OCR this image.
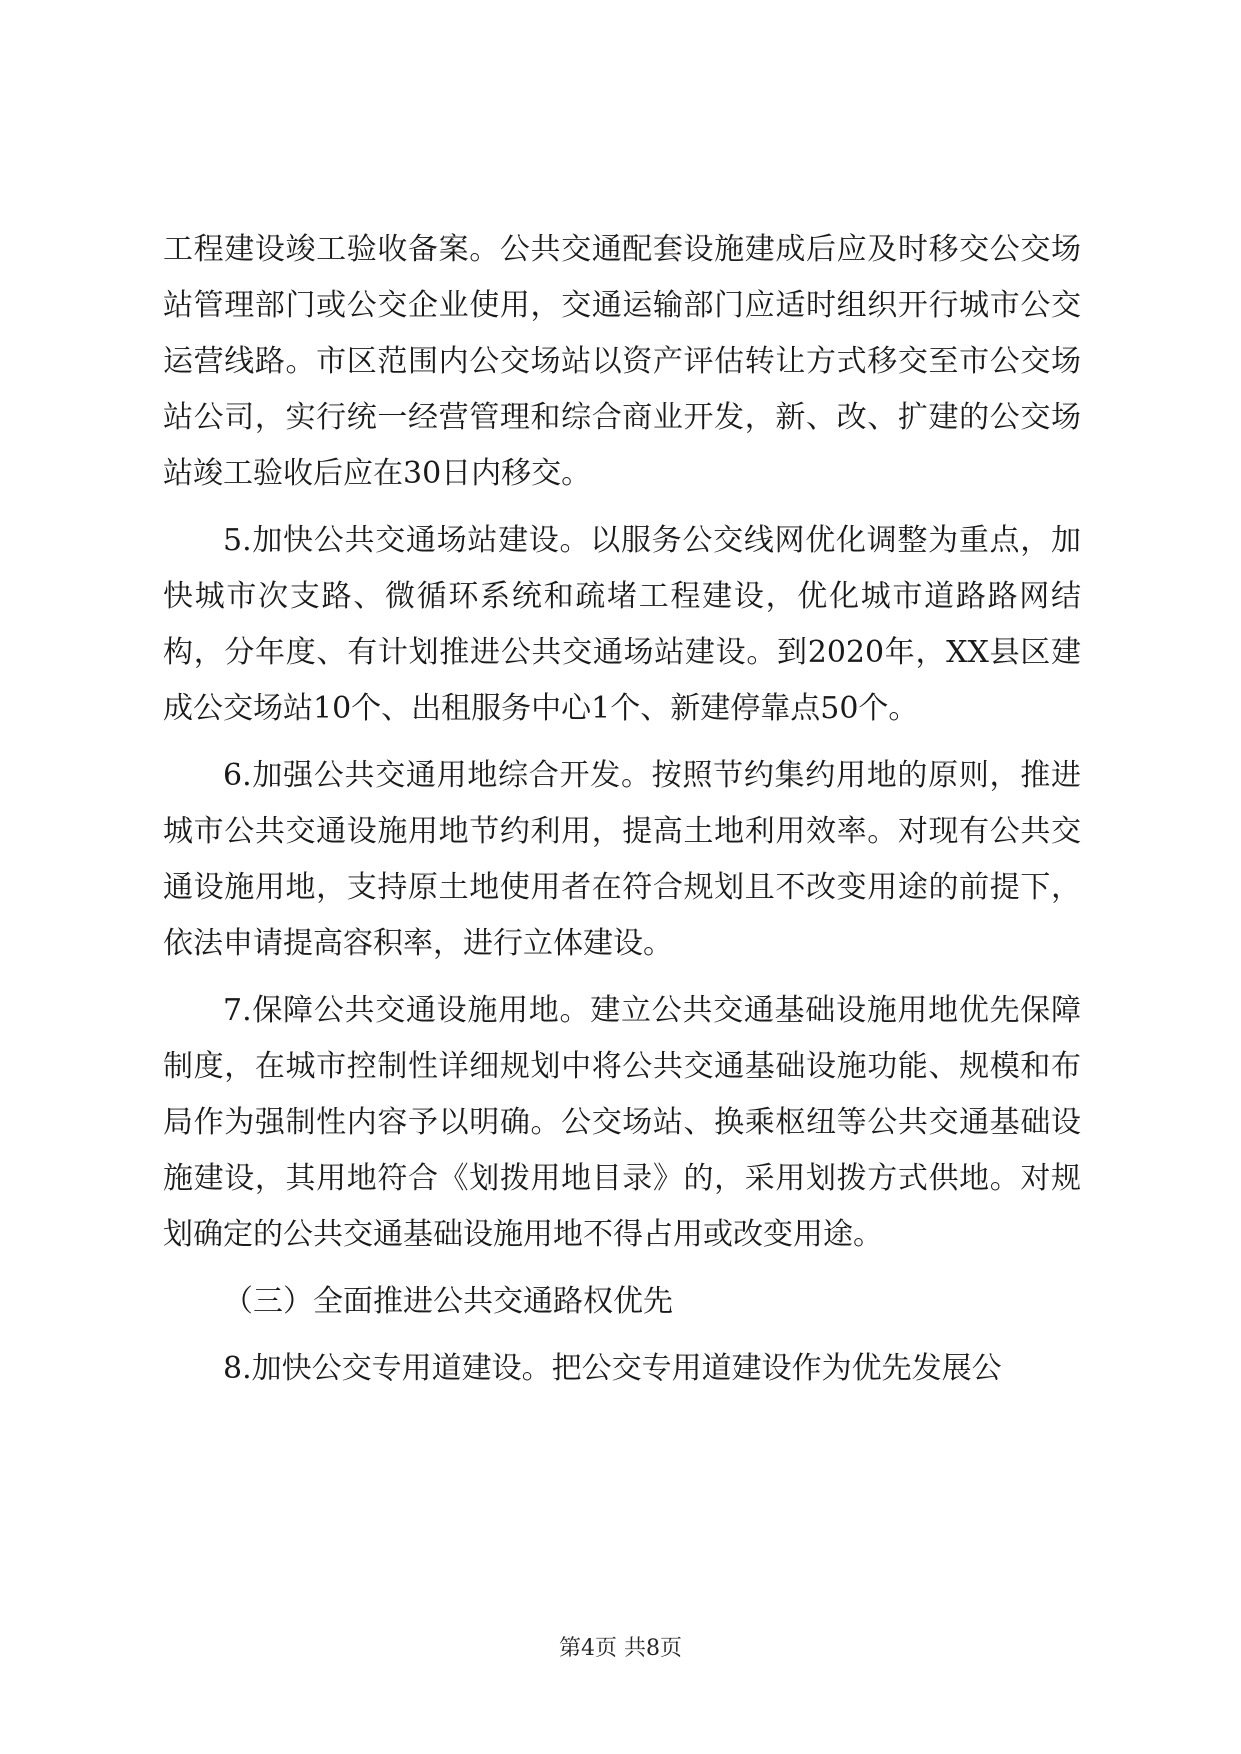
工程建设竣工验收备案。公共交通配套设施建成后应及时移交公交场站管理部门或公交企业使用，交通运输部门应适时组织开行城市公交运营线路。市区范围内公交场站以资产评估转让方式移交至市公交场站公司，实行统一经营管理和综合商业开发，新、改、扩建的公交场站竣工验收后应在30日内移交。

5.加快公共交通场站建设。以服务公交线网优化调整为重点，加快城市次支路、微循环系统和疏堵工程建设，优化城市道路路网结构，分年度、有计划推进公共交通场站建设。到2020年，XX县区建成公交场站10个、出租服务中心1个、新建停靠点50个。

6.加强公共交通用地综合开发。按照节约集约用地的原则，推进城市公共交通设施用地节约利用，提高土地利用效率。对现有公共交通设施用地，支持原土地使用者在符合规划且不改变用途的前提下，依法申请提高容积率，进行立体建设。

7.保障公共交通设施用地。建立公共交通基础设施用地优先保障制度，在城市控制性详细规划中将公共交通基础设施功能、规模和布局作为强制性内容予以明确。公交场站、换乘枢纽等公共交通基础设施建设，其用地符合《划拨用地目录》的，采用划拨方式供地。对规划确定的公共交通基础设施用地不得占用或改变用途。

（三）全面推进公共交通路权优先

8.加快公交专用道建设。把公交专用道建设作为优先发展公

第4页 共8页
